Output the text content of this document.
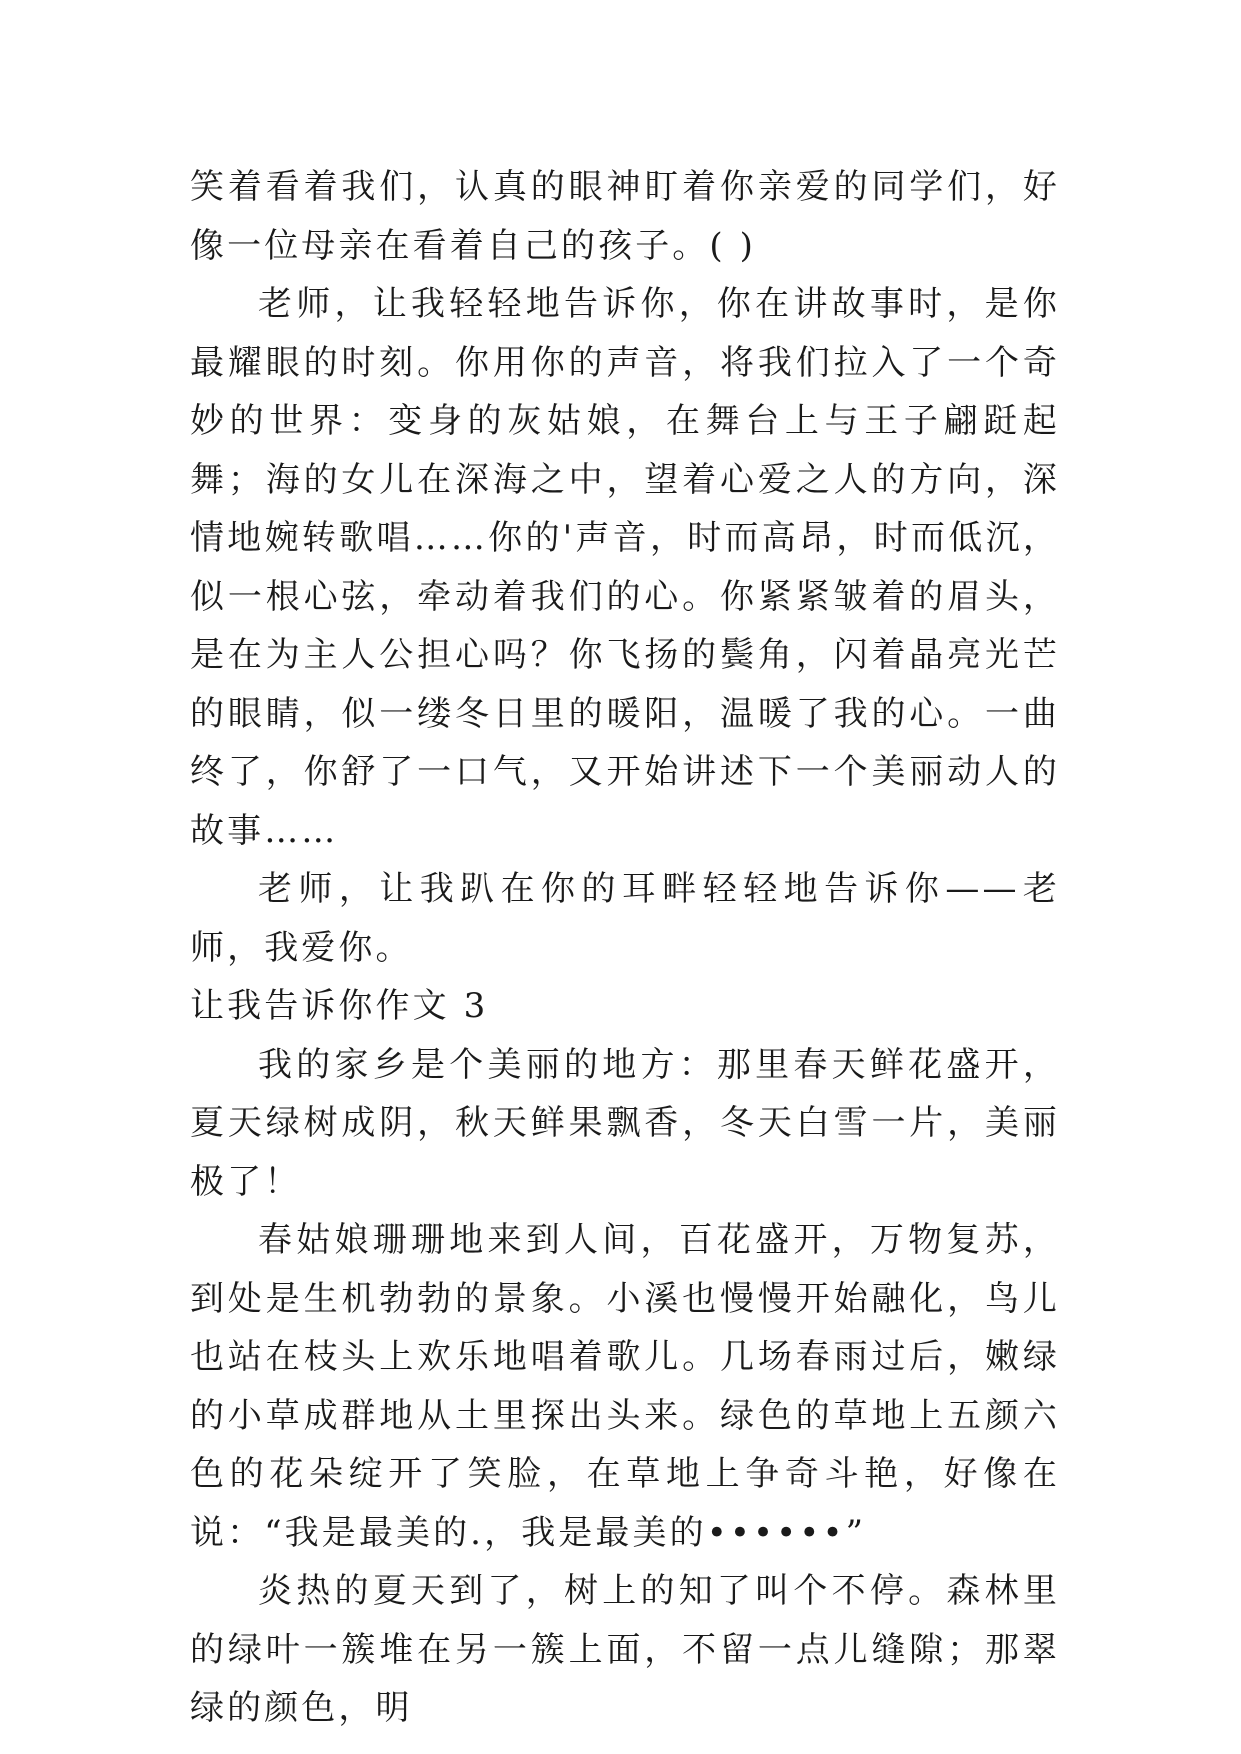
笑着看着我们，认真的眼神盯着你亲爱的同学们，好像一位母亲在看着自己的孩子。( )

老师，让我轻轻地告诉你，你在讲故事时，是你最耀眼的时刻。你用你的声音，将我们拉入了一个奇妙的世界：变身的灰姑娘，在舞台上与王子翩跹起舞；海的女儿在深海之中，望着心爱之人的方向，深情地婉转歌唱……你的'声音，时而高昂，时而低沉，似一根心弦，牵动着我们的心。你紧紧皱着的眉头，是在为主人公担心吗？你飞扬的鬓角，闪着晶亮光芒的眼睛，似一缕冬日里的暖阳，温暖了我的心。一曲终了，你舒了一口气，又开始讲述下一个美丽动人的故事……

老师，让我趴在你的耳畔轻轻地告诉你——老师，我爱你。

让我告诉你作文 3

我的家乡是个美丽的地方：那里春天鲜花盛开，夏天绿树成阴，秋天鲜果飘香，冬天白雪一片，美丽极了！

春姑娘珊珊地来到人间，百花盛开，万物复苏，到处是生机勃勃的景象。小溪也慢慢开始融化，鸟儿也站在枝头上欢乐地唱着歌儿。几场春雨过后，嫩绿的小草成群地从土里探出头来。绿色的草地上五颜六色的花朵绽开了笑脸，在草地上争奇斗艳，好像在说：“我是最美的.，我是最美的••••••”

炎热的夏天到了，树上的知了叫个不停。森林里的绿叶一簇堆在另一簇上面，不留一点儿缝隙；那翠绿的颜色，明
